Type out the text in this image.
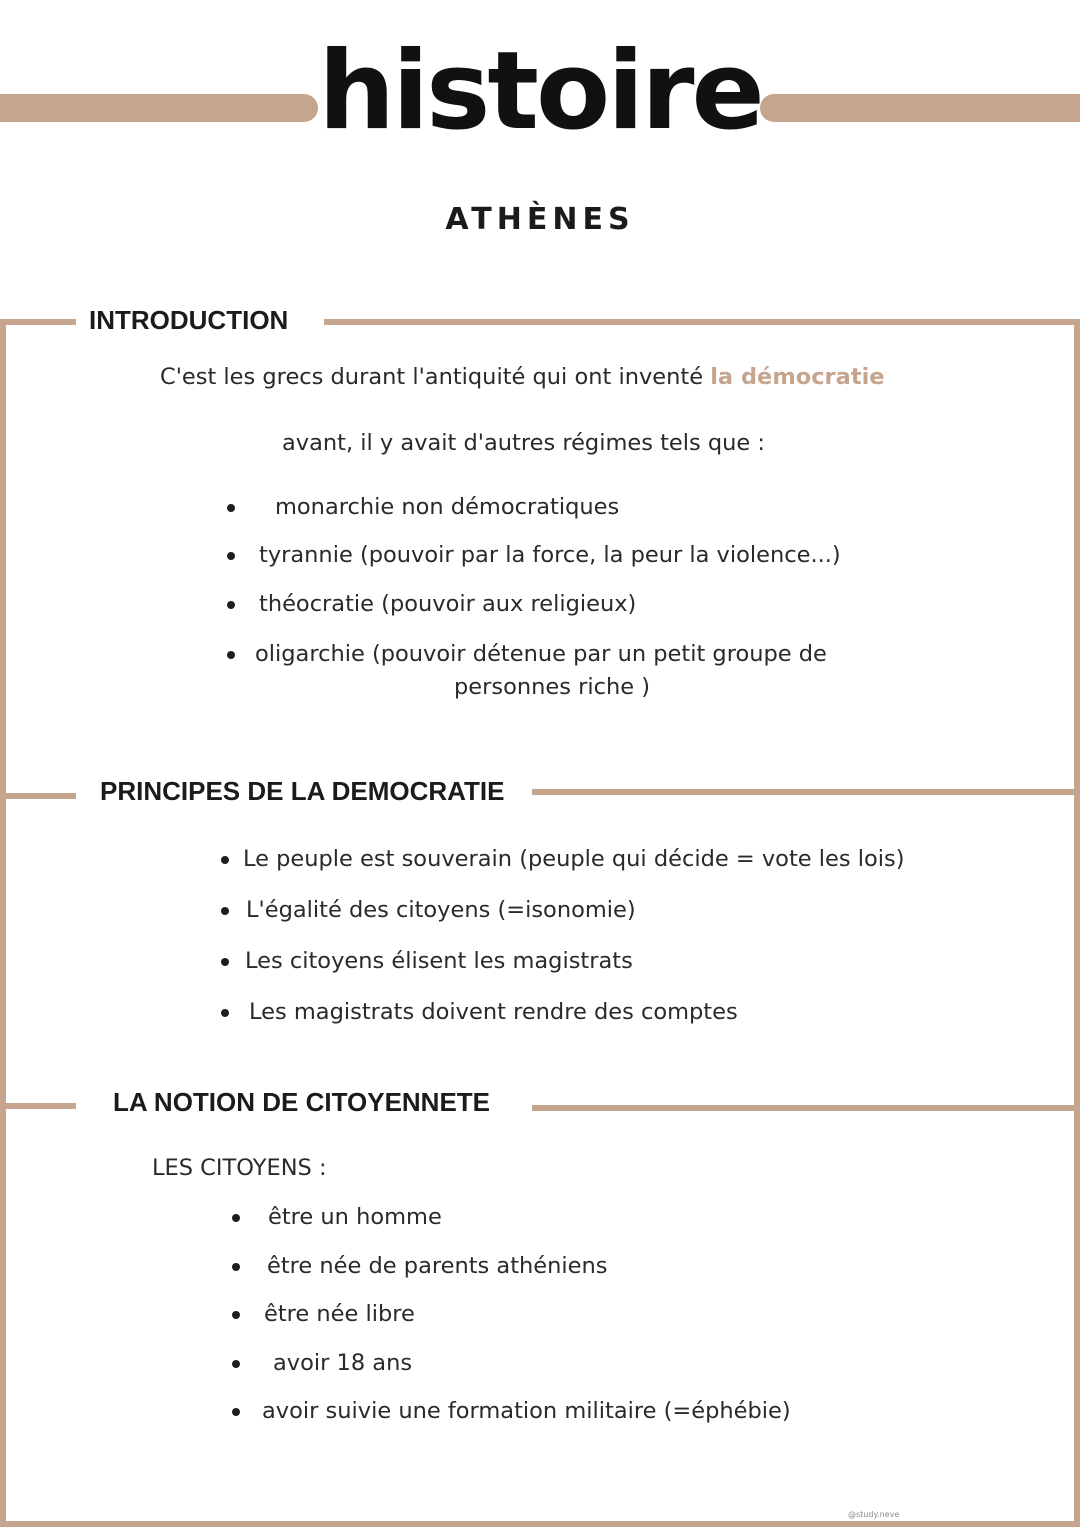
histoire
ATHÈNES
INTRODUCTION
C'est les grecs durant l'antiquité qui ont inventé la démocratie
avant, il y avait d'autres régimes tels que :
monarchie non démocratiques
tyrannie (pouvoir par la force, la peur la violence...)
théocratie (pouvoir aux religieux)
oligarchie (pouvoir détenue par un petit groupe de
personnes riche )
PRINCIPES DE LA DEMOCRATIE
Le peuple est souverain (peuple qui décide = vote les lois)
L'égalité des citoyens (=isonomie)
Les citoyens élisent les magistrats
Les magistrats doivent rendre des comptes
LA NOTION DE CITOYENNETE
LES CITOYENS :
être un homme
être née de parents athéniens
être née libre
avoir 18 ans
avoir suivie une formation militaire (=éphébie)
@study.neve
